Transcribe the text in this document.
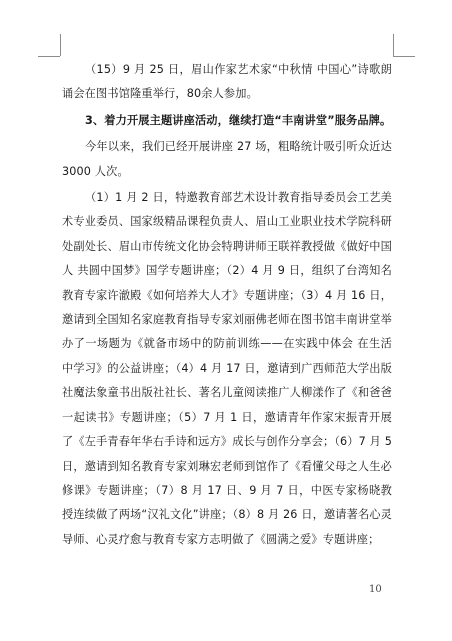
（15）9 月 25 日，眉山作家艺术家“中秋情 中国心”诗歌朗诵会在图书馆隆重举行，80余人参加。

3、着力开展主题讲座活动，继续打造“丰南讲堂”服务品牌。

今年以来，我们已经开展讲座 27 场，粗略统计吸引听众近达 3000 人次。

（1）1 月 2 日，特邀教育部艺术设计教育指导委员会工艺美术专业委员、国家级精品课程负责人、眉山工业职业技术学院科研处副处长、眉山市传统文化协会特聘讲师王联祥教授做《做好中国人 共圆中国梦》国学专题讲座；（2）4 月 9 日，组织了台湾知名教育专家许澈殿《如何培养大人才》专题讲座；（3）4 月 16 日，邀请到全国知名家庭教育指导专家刘丽佛老师在图书馆丰南讲堂举办了一场题为《就备市场中的防前训练——在实践中体会 在生活中学习》的公益讲座；（4）4 月 17 日，邀请到广西师范大学出版社魔法象童书出版社社长、著名儿童阅读推广人柳漾作了《和爸爸一起读书》专题讲座；（5）7 月 1 日，邀请青年作家宋振青开展了《左手青春年华右手诗和远方》成长与创作分享会；（6）7 月 5 日，邀请到知名教育专家刘琳宏老师到馆作了《看懂父母之人生必修课》专题讲座；（7）8 月 17 日、9 月 7 日，中医专家杨晓教授连续做了两场“汉礼文化”讲座；（8）8 月 26 日，邀请著名心灵导师、心灵疗愈与教育专家方志明做了《圆满之爱》专题讲座；

10
